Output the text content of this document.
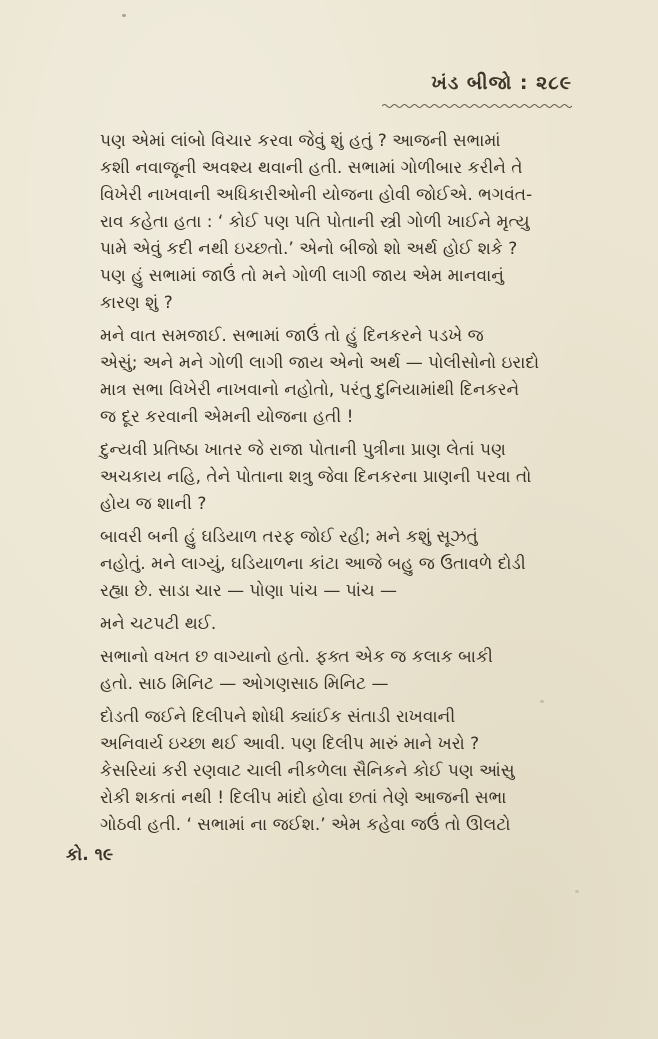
ખંડ બીજો : ૨૮૯

પણ એમાં લાંબો વિચાર કરવા જેવું શું હતું ? આજની સભામાં
કશી નવાજૂની અવશ્ય થવાની હતી. સભામાં ગોળીબાર કરીને તે
વિખેરી નાખવાની અધિકારીઓની યોજના હોવી જોઈએ. ભગવંત-
રાવ કહેતા હતા : ‘ કોઈ પણ પતિ પોતાની સ્ત્રી ગોળી ખાઈને મૃત્યુ
પામે એવું કદી નથી ઇચ્છતો.’ એનો બીજો શો અર્થ હોઈ શકે ?
પણ હું સભામાં જાઉં તો મને ગોળી લાગી જાય એમ માનવાનું
કારણ શું ?

મને વાત સમજાઈ. સભામાં જાઉં તો હું દિનકરને પડખે જ
એસું; અને મને ગોળી લાગી જાય એનો અર્થ — પોલીસોનો ઇરાદો
માત્ર સભા વિખેરી નાખવાનો નહોતો, પરંતુ દુનિયામાંથી દિનકરને
જ દૂર કરવાની એમની યોજના હતી !

દુન્યવી પ્રતિષ્ઠા ખાતર જે રાજા પોતાની પુત્રીના પ્રાણ લેતાં પણ
અચકાય નહિ, તેને પોતાના શત્રુ જેવા દિનકરના પ્રાણની પરવા તો
હોય જ શાની ?

બાવરી બની હું ઘડિયાળ તરફ જોઈ રહી; મને કશું સૂઝતું
નહોતું. મને લાગ્યું, ઘડિયાળના કાંટા આજે બહુ જ ઉતાવળે દોડી
રહ્યા છે. સાડા ચાર — પોણા પાંચ — પાંચ —

મને ચટપટી થઈ.

સભાનો વખત છ વાગ્યાનો હતો. ફક્ત એક જ કલાક બાકી
હતો. સાઠ મિનિટ — ઓગણસાઠ મિનિટ —

દોડતી જઈને દિલીપને શોધી ક્યાંઈક સંતાડી રાખવાની
અનિવાર્ય ઇચ્છા થઈ આવી. પણ દિલીપ મારું માને ખરો ?
કેસરિયાં કરી રણવાટ ચાલી નીકળેલા સૈનિકને કોઈ પણ આંસુ
રોકી શકતાં નથી ! દિલીપ માંદો હોવા છતાં તેણે આજની સભા
ગોઠવી હતી. ‘ સભામાં ના જઈશ.’ એમ કહેવા જઉં તો ઊલટો

કો. ૧૯
